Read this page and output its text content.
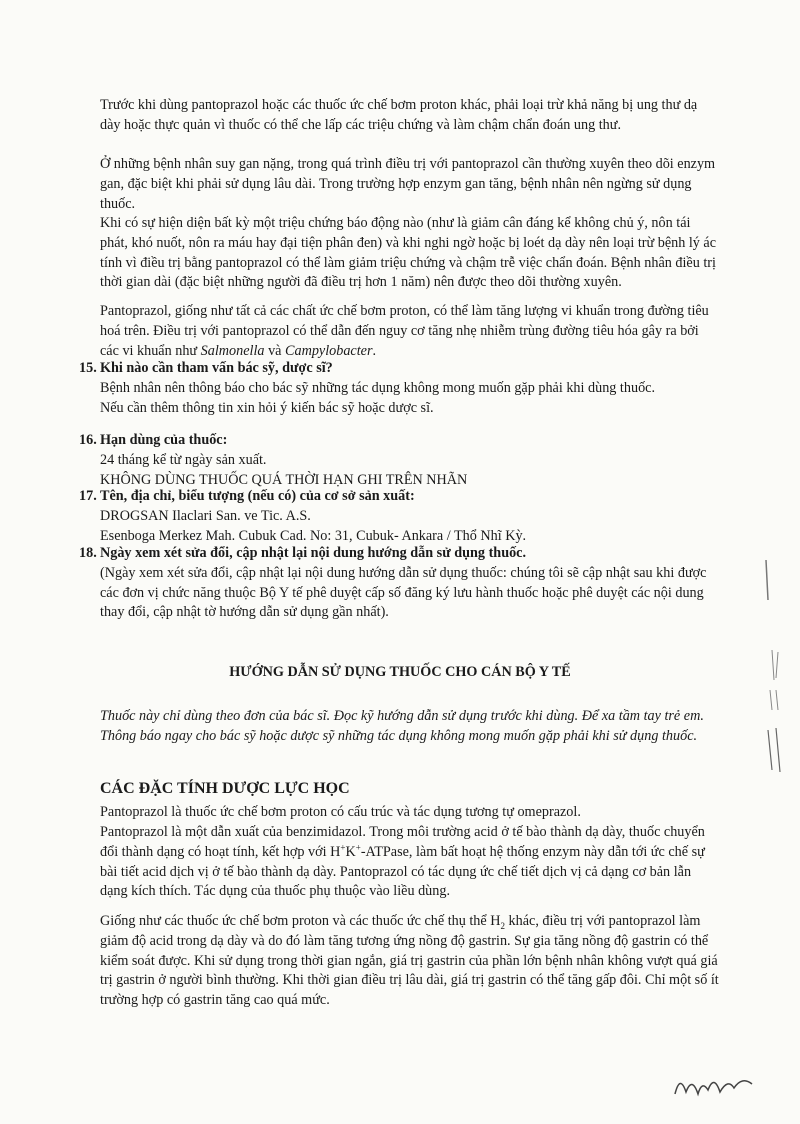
Trước khi dùng pantoprazol hoặc các thuốc ức chế bơm proton khác, phải loại trừ khả năng bị ung thư dạ dày hoặc thực quản vì thuốc có thể che lấp các triệu chứng và làm chậm chẩn đoán ung thư.

Ở những bệnh nhân suy gan nặng, trong quá trình điều trị với pantoprazol cần thường xuyên theo dõi enzym gan, đặc biệt khi phải sử dụng lâu dài. Trong trường hợp enzym gan tăng, bệnh nhân nên ngừng sử dụng thuốc.

Khi có sự hiện diện bất kỳ một triệu chứng báo động nào (như là giảm cân đáng kể không chủ ý, nôn tái phát, khó nuốt, nôn ra máu hay đại tiện phân đen) và khi nghi ngờ hoặc bị loét dạ dày nên loại trừ bệnh lý ác tính vì điều trị bằng pantoprazol có thể làm giảm triệu chứng và chậm trễ việc chẩn đoán. Bệnh nhân điều trị thời gian dài (đặc biệt những người đã điều trị hơn 1 năm) nên được theo dõi thường xuyên.

Pantoprazol, giống như tất cả các chất ức chế bơm proton, có thể làm tăng lượng vi khuẩn trong đường tiêu hoá trên. Điều trị với pantoprazol có thể dẫn đến nguy cơ tăng nhẹ nhiễm trùng đường tiêu hóa gây ra bởi các vi khuẩn như Salmonella và Campylobacter.

15. Khi nào cần tham vấn bác sỹ, dược sĩ?
Bệnh nhân nên thông báo cho bác sỹ những tác dụng không mong muốn gặp phải khi dùng thuốc.
Nếu cần thêm thông tin xin hỏi ý kiến bác sỹ hoặc dược sĩ.
16. Hạn dùng của thuốc:
24 tháng kể từ ngày sản xuất.
KHÔNG DÙNG THUỐC QUÁ THỜI HẠN GHI TRÊN NHÃN
17. Tên, địa chỉ, biểu tượng (nếu có) của cơ sở sản xuất:
DROGSAN Ilaclari San. ve Tic. A.S.
Esenboga Merkez Mah. Cubuk Cad. No: 31, Cubuk- Ankara / Thổ Nhĩ Kỳ.
18. Ngày xem xét sửa đổi, cập nhật lại nội dung hướng dẫn sử dụng thuốc.
(Ngày xem xét sửa đổi, cập nhật lại nội dung hướng dẫn sử dụng thuốc: chúng tôi sẽ cập nhật sau khi được các đơn vị chức năng thuộc Bộ Y tế phê duyệt cấp số đăng ký lưu hành thuốc hoặc phê duyệt các nội dung thay đổi, cập nhật tờ hướng dẫn sử dụng gần nhất).
HƯỚNG DẪN SỬ DỤNG THUỐC CHO CÁN BỘ Y TẾ

Thuốc này chỉ dùng theo đơn của bác sĩ. Đọc kỹ hướng dẫn sử dụng trước khi dùng. Để xa tầm tay trẻ em. Thông báo ngay cho bác sỹ hoặc dược sỹ những tác dụng không mong muốn gặp phải khi sử dụng thuốc.

CÁC ĐẶC TÍNH DƯỢC LỰC HỌC

Pantoprazol là thuốc ức chế bơm proton có cấu trúc và tác dụng tương tự omeprazol.

Pantoprazol là một dẫn xuất của benzimidazol. Trong môi trường acid ở tế bào thành dạ dày, thuốc chuyển đổi thành dạng có hoạt tính, kết hợp với H+K+-ATPase, làm bất hoạt hệ thống enzym này dẫn tới ức chế sự bài tiết acid dịch vị ở tế bào thành dạ dày. Pantoprazol có tác dụng ức chế tiết dịch vị cả dạng cơ bản lẫn dạng kích thích. Tác dụng của thuốc phụ thuộc vào liều dùng.

Giống như các thuốc ức chế bơm proton và các thuốc ức chế thụ thể $H_2$ khác, điều trị với pantoprazol làm giảm độ acid trong dạ dày và do đó làm tăng tương ứng nồng độ gastrin. Sự gia tăng nồng độ gastrin có thể kiểm soát được. Khi sử dụng trong thời gian ngắn, giá trị gastrin của phần lớn bệnh nhân không vượt quá giá trị gastrin ở người bình thường. Khi thời gian điều trị lâu dài, giá trị gastrin có thể tăng gấp đôi. Chỉ một số ít trường hợp có gastrin tăng cao quá mức.
